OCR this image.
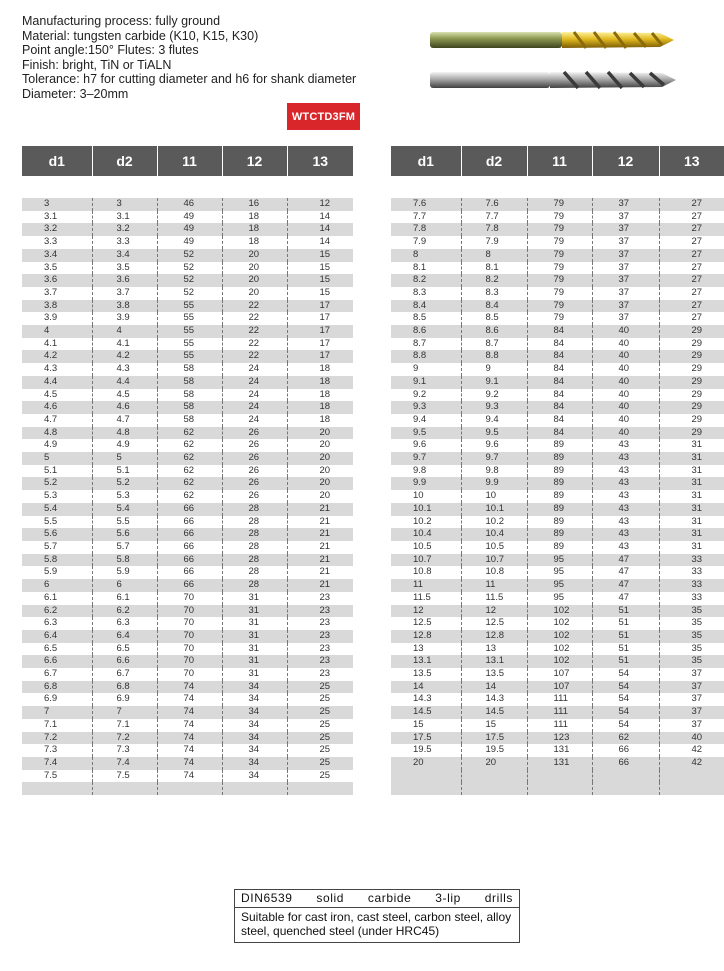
Manufacturing process: fully ground
Material: tungsten carbide (K10, K15, K30)
Point angle:150° Flutes: 3 flutes
Finish: bright, TiN or TiALN
Tolerance: h7 for cutting diameter and h6 for shank diameter
Diameter: 3–20mm
WTCTD3FM
d1	d2	11	12	13

3	3	46	16	12
3.1	3.1	49	18	14
3.2	3.2	49	18	14
3.3	3.3	49	18	14
3.4	3.4	52	20	15
3.5	3.5	52	20	15
3.6	3.6	52	20	15
3.7	3.7	52	20	15
3.8	3.8	55	22	17
3.9	3.9	55	22	17
4	4	55	22	17
4.1	4.1	55	22	17
4.2	4.2	55	22	17
4.3	4.3	58	24	18
4.4	4.4	58	24	18
4.5	4.5	58	24	18
4.6	4.6	58	24	18
4.7	4.7	58	24	18
4.8	4.8	62	26	20
4.9	4.9	62	26	20
5	5	62	26	20
5.1	5.1	62	26	20
5.2	5.2	62	26	20
5.3	5.3	62	26	20
5.4	5.4	66	28	21
5.5	5.5	66	28	21
5.6	5.6	66	28	21
5.7	5.7	66	28	21
5.8	5.8	66	28	21
5.9	5.9	66	28	21
6	6	66	28	21
6.1	6.1	70	31	23
6.2	6.2	70	31	23
6.3	6.3	70	31	23
6.4	6.4	70	31	23
6.5	6.5	70	31	23
6.6	6.6	70	31	23
6.7	6.7	70	31	23
6.8	6.8	74	34	25
6.9	6.9	74	34	25
7	7	74	34	25
7.1	7.1	74	34	25
7.2	7.2	74	34	25
7.3	7.3	74	34	25
7.4	7.4	74	34	25
7.5	7.5	74	34	25

d1	d2	11	12	13

7.6	7.6	79	37	27
7.7	7.7	79	37	27
7.8	7.8	79	37	27
7.9	7.9	79	37	27
8	8	79	37	27
8.1	8.1	79	37	27
8.2	8.2	79	37	27
8.3	8.3	79	37	27
8.4	8.4	79	37	27
8.5	8.5	79	37	27
8.6	8.6	84	40	29
8.7	8.7	84	40	29
8.8	8.8	84	40	29
9	9	84	40	29
9.1	9.1	84	40	29
9.2	9.2	84	40	29
9.3	9.3	84	40	29
9.4	9.4	84	40	29
9.5	9.5	84	40	29
9.6	9.6	89	43	31
9.7	9.7	89	43	31
9.8	9.8	89	43	31
9.9	9.9	89	43	31
10	10	89	43	31
10.1	10.1	89	43	31
10.2	10.2	89	43	31
10.4	10.4	89	43	31
10.5	10.5	89	43	31
10.7	10.7	95	47	33
10.8	10.8	95	47	33
11	11	95	47	33
11.5	11.5	95	47	33
12	12	102	51	35
12.5	12.5	102	51	35
12.8	12.8	102	51	35
13	13	102	51	35
13.1	13.1	102	51	35
13.5	13.5	107	54	37
14	14	107	54	37
14.3	14.3	111	54	37
14.5	14.5	111	54	37
15	15	111	54	37
17.5	17.5	123	62	40
19.5	19.5	131	66	42
20	20	131	66	42

DIN6539 solid carbide 3-lip drills
Suitable for cast iron, cast steel, carbon steel, alloy steel, quenched steel (under HRC45)
